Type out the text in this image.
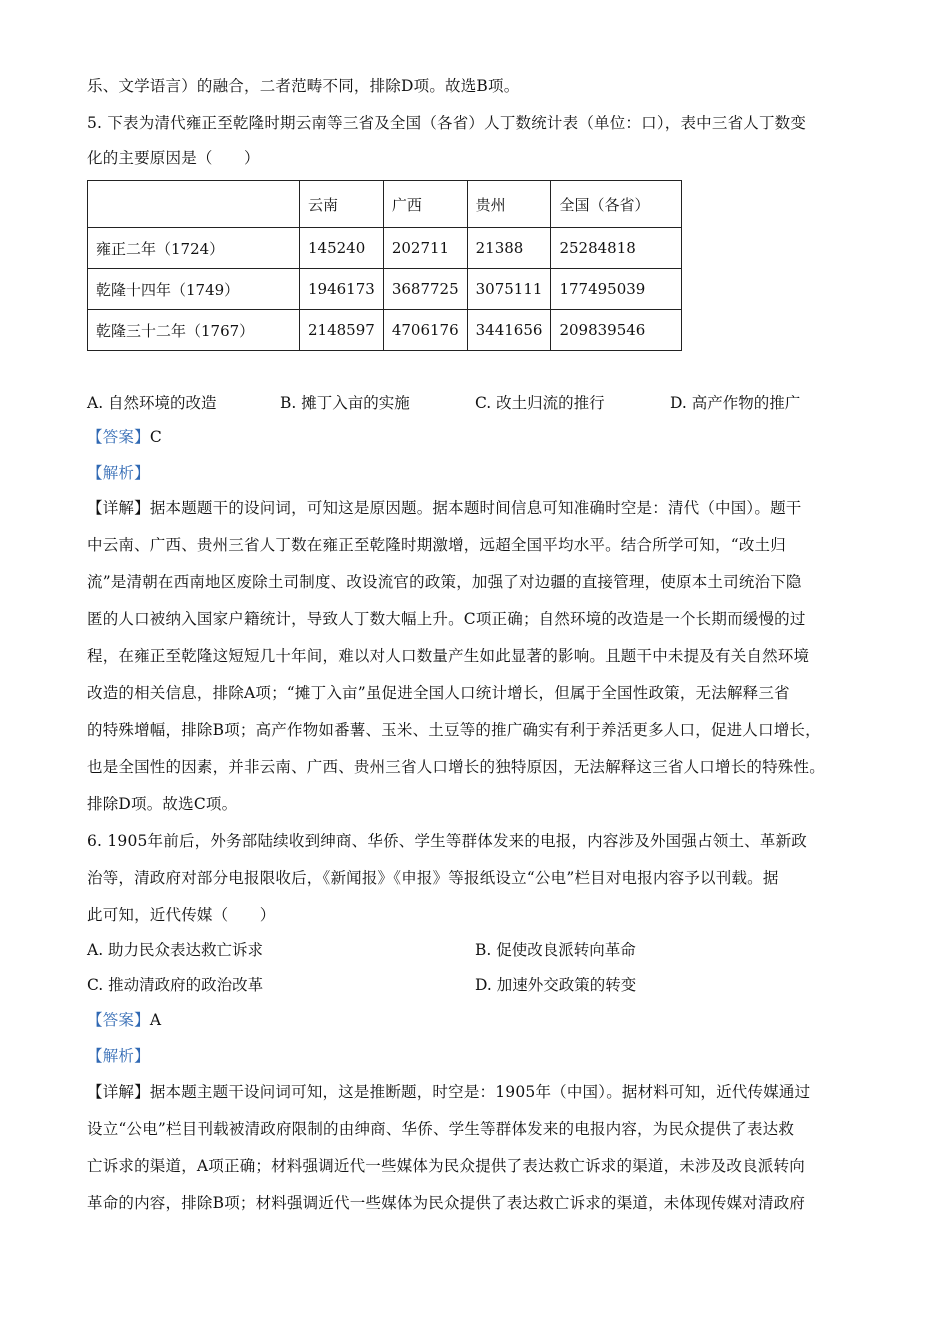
乐、文学语言）的融合，二者范畴不同，排除D项。故选B项。
5. 下表为清代雍正至乾隆时期云南等三省及全国（各省）人丁数统计表（单位：口），表中三省人丁数变
化的主要原因是（　　）
	云南	广西	贵州	全国（各省）
雍正二年（1724）	145240	202711	21388	25284818
乾隆十四年（1749）	1946173	3687725	3075111	177495039
乾隆三十二年（1767）	2148597	4706176	3441656	209839546
A. 自然环境的改造	B. 摊丁入亩的实施	C. 改土归流的推行	D. 高产作物的推广
【答案】C
【解析】
【详解】据本题题干的设问词，可知这是原因题。据本题时间信息可知准确时空是：清代（中国）。题干
中云南、广西、贵州三省人丁数在雍正至乾隆时期激增，远超全国平均水平。结合所学可知，“改土归
流”是清朝在西南地区废除土司制度、改设流官的政策，加强了对边疆的直接管理，使原本土司统治下隐
匿的人口被纳入国家户籍统计，导致人丁数大幅上升。C项正确；自然环境的改造是一个长期而缓慢的过
程，在雍正至乾隆这短短几十年间，难以对人口数量产生如此显著的影响。且题干中未提及有关自然环境
改造的相关信息，排除A项；“摊丁入亩”虽促进全国人口统计增长，但属于全国性政策，无法解释三省
的特殊增幅，排除B项；高产作物如番薯、玉米、土豆等的推广确实有利于养活更多人口，促进人口增长，
也是全国性的因素，并非云南、广西、贵州三省人口增长的独特原因，无法解释这三省人口增长的特殊性。
排除D项。故选C项。
6. 1905年前后，外务部陆续收到绅商、华侨、学生等群体发来的电报，内容涉及外国强占领土、革新政
治等，清政府对部分电报限收后，《新闻报》《申报》等报纸设立“公电”栏目对电报内容予以刊载。据
此可知，近代传媒（　　）
A. 助力民众表达救亡诉求	B. 促使改良派转向革命
C. 推动清政府的政治改革	D. 加速外交政策的转变
【答案】A
【解析】
【详解】据本题主题干设问词可知，这是推断题，时空是：1905年（中国）。据材料可知，近代传媒通过
设立“公电”栏目刊载被清政府限制的由绅商、华侨、学生等群体发来的电报内容，为民众提供了表达救
亡诉求的渠道，A项正确；材料强调近代一些媒体为民众提供了表达救亡诉求的渠道，未涉及改良派转向
革命的内容，排除B项；材料强调近代一些媒体为民众提供了表达救亡诉求的渠道，未体现传媒对清政府
